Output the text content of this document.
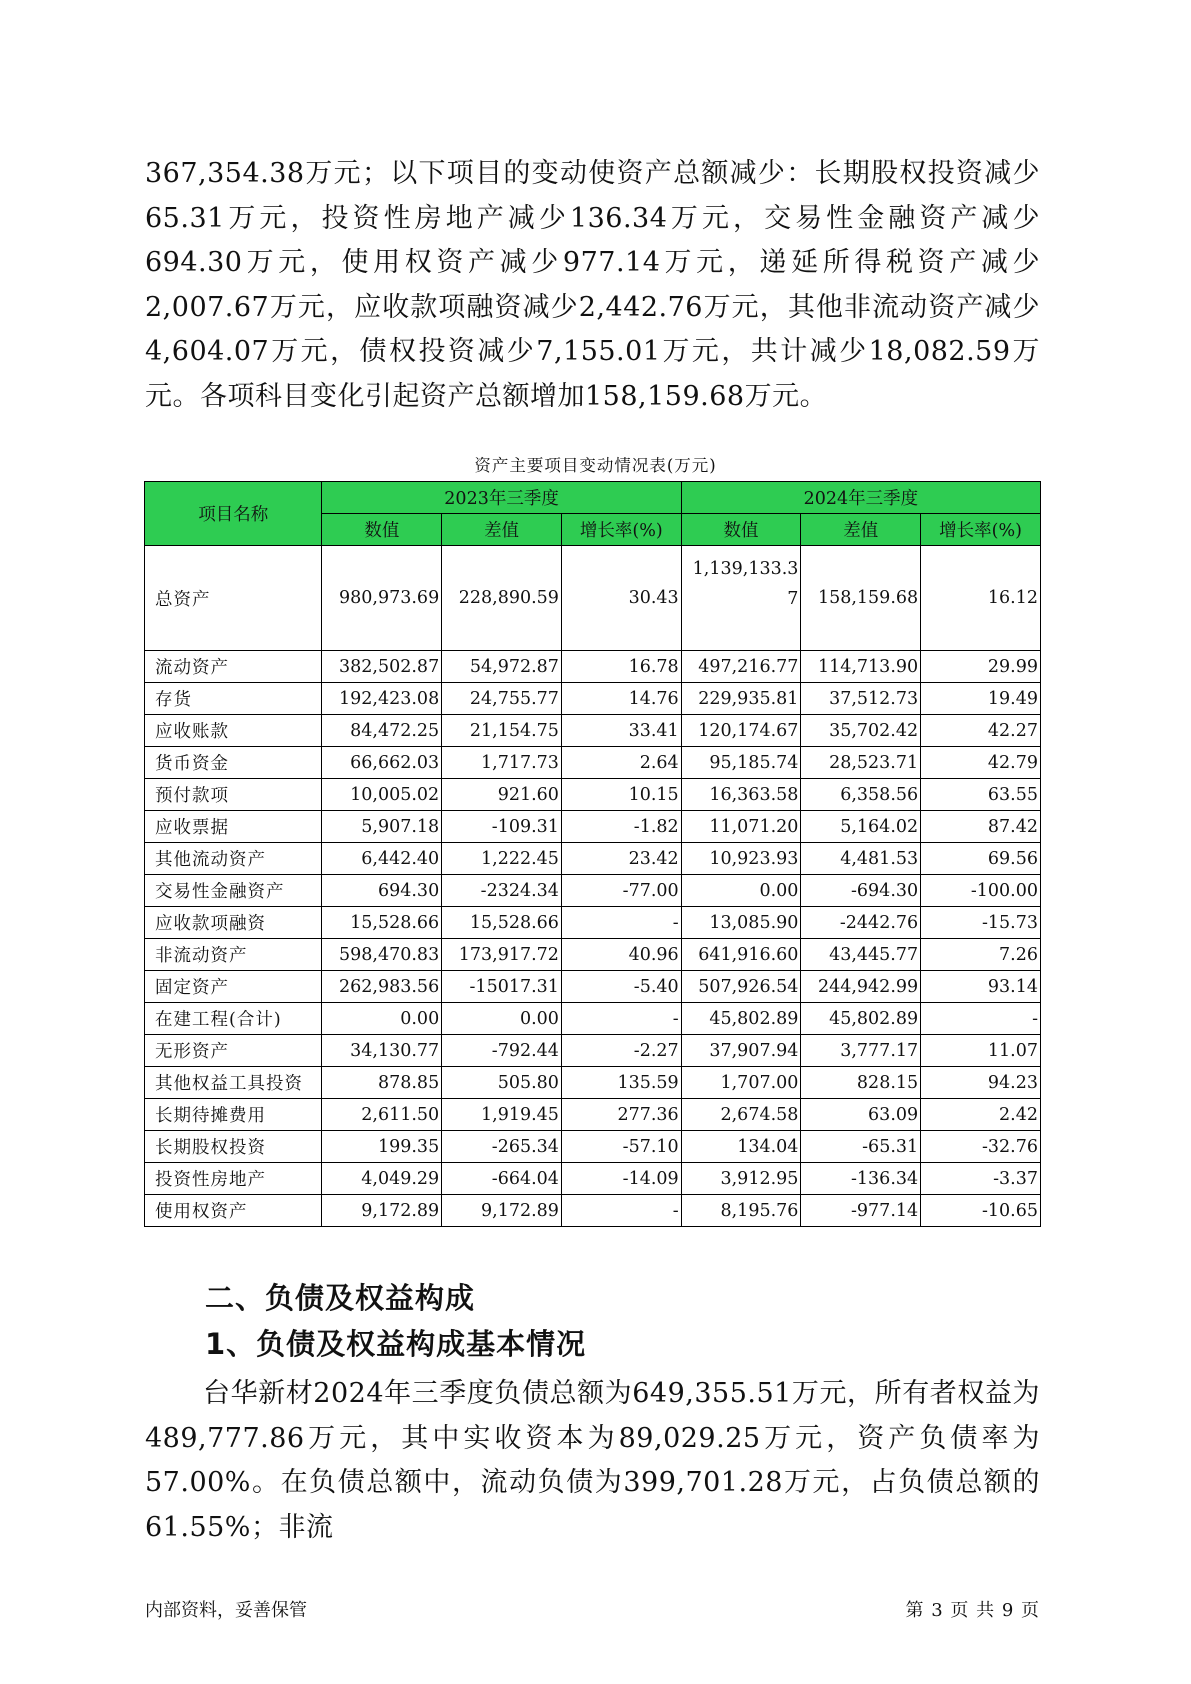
367,354.38万元；以下项目的变动使资产总额减少：长期股权投资减少65.31万元，投资性房地产减少136.34万元，交易性金融资产减少694.30万元，使用权资产减少977.14万元，递延所得税资产减少2,007.67万元，应收款项融资减少2,442.76万元，其他非流动资产减少4,604.07万元，债权投资减少7,155.01万元，共计减少18,082.59万元。各项科目变化引起资产总额增加158,159.68万元。
资产主要项目变动情况表(万元)
项目名称	2023年三季度			2024年三季度		
	数值	差值	增长率(%)	数值	差值	增长率(%)
总资产	980,973.69	228,890.59	30.43	1,139,133.37	158,159.68	16.12
流动资产	382,502.87	54,972.87	16.78	497,216.77	114,713.90	29.99
存货	192,423.08	24,755.77	14.76	229,935.81	37,512.73	19.49
应收账款	84,472.25	21,154.75	33.41	120,174.67	35,702.42	42.27
货币资金	66,662.03	1,717.73	2.64	95,185.74	28,523.71	42.79
预付款项	10,005.02	921.60	10.15	16,363.58	6,358.56	63.55
应收票据	5,907.18	-109.31	-1.82	11,071.20	5,164.02	87.42
其他流动资产	6,442.40	1,222.45	23.42	10,923.93	4,481.53	69.56
交易性金融资产	694.30	-2324.34	-77.00	0.00	-694.30	-100.00
应收款项融资	15,528.66	15,528.66	-	13,085.90	-2442.76	-15.73
非流动资产	598,470.83	173,917.72	40.96	641,916.60	43,445.77	7.26
固定资产	262,983.56	-15017.31	-5.40	507,926.54	244,942.99	93.14
在建工程(合计)	0.00	0.00	-	45,802.89	45,802.89	-
无形资产	34,130.77	-792.44	-2.27	37,907.94	3,777.17	11.07
其他权益工具投资	878.85	505.80	135.59	1,707.00	828.15	94.23
长期待摊费用	2,611.50	1,919.45	277.36	2,674.58	63.09	2.42
长期股权投资	199.35	-265.34	-57.10	134.04	-65.31	-32.76
投资性房地产	4,049.29	-664.04	-14.09	3,912.95	-136.34	-3.37
使用权资产	9,172.89	9,172.89	-	8,195.76	-977.14	-10.65
二、负债及权益构成
1、负债及权益构成基本情况
台华新材2024年三季度负债总额为649,355.51万元，所有者权益为489,777.86万元，其中实收资本为89,029.25万元，资产负债率为57.00%。在负债总额中，流动负债为399,701.28万元，占负债总额的61.55%；非流
内部资料，妥善保管	第 3 页 共 9 页
